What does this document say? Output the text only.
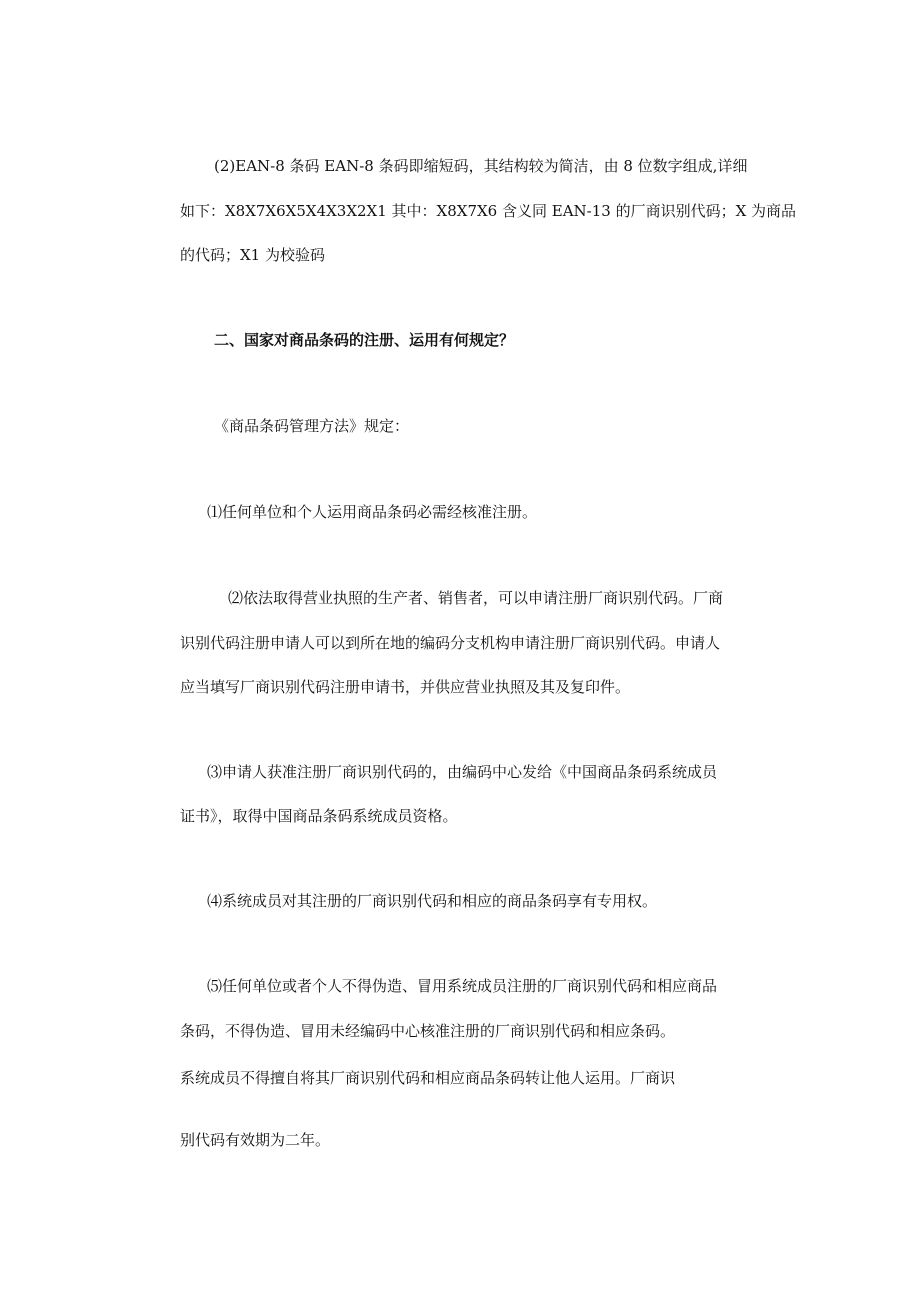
(2)EAN-8 条码 EAN-8 条码即缩短码，其结构较为简洁，由 8 位数字组成,详细

如下：X8X7X6X5X4X3X2X1 其中：X8X7X6 含义同 EAN-13 的厂商识别代码；X 为商品

的代码；X1 为校验码

二、国家对商品条码的注册、运用有何规定？

《商品条码管理方法》规定：

⑴任何单位和个人运用商品条码必需经核准注册。

⑵依法取得营业执照的生产者、销售者，可以申请注册厂商识别代码。厂商

识别代码注册申请人可以到所在地的编码分支机构申请注册厂商识别代码。申请人

应当填写厂商识别代码注册申请书，并供应营业执照及其及复印件。

⑶申请人获准注册厂商识别代码的，由编码中心发给《中国商品条码系统成员

证书》，取得中国商品条码系统成员资格。

⑷系统成员对其注册的厂商识别代码和相应的商品条码享有专用权。

⑸任何单位或者个人不得伪造、冒用系统成员注册的厂商识别代码和相应商品

条码，不得伪造、冒用未经编码中心核准注册的厂商识别代码和相应条码。

系统成员不得擅自将其厂商识别代码和相应商品条码转让他人运用。厂商识

别代码有效期为二年。
